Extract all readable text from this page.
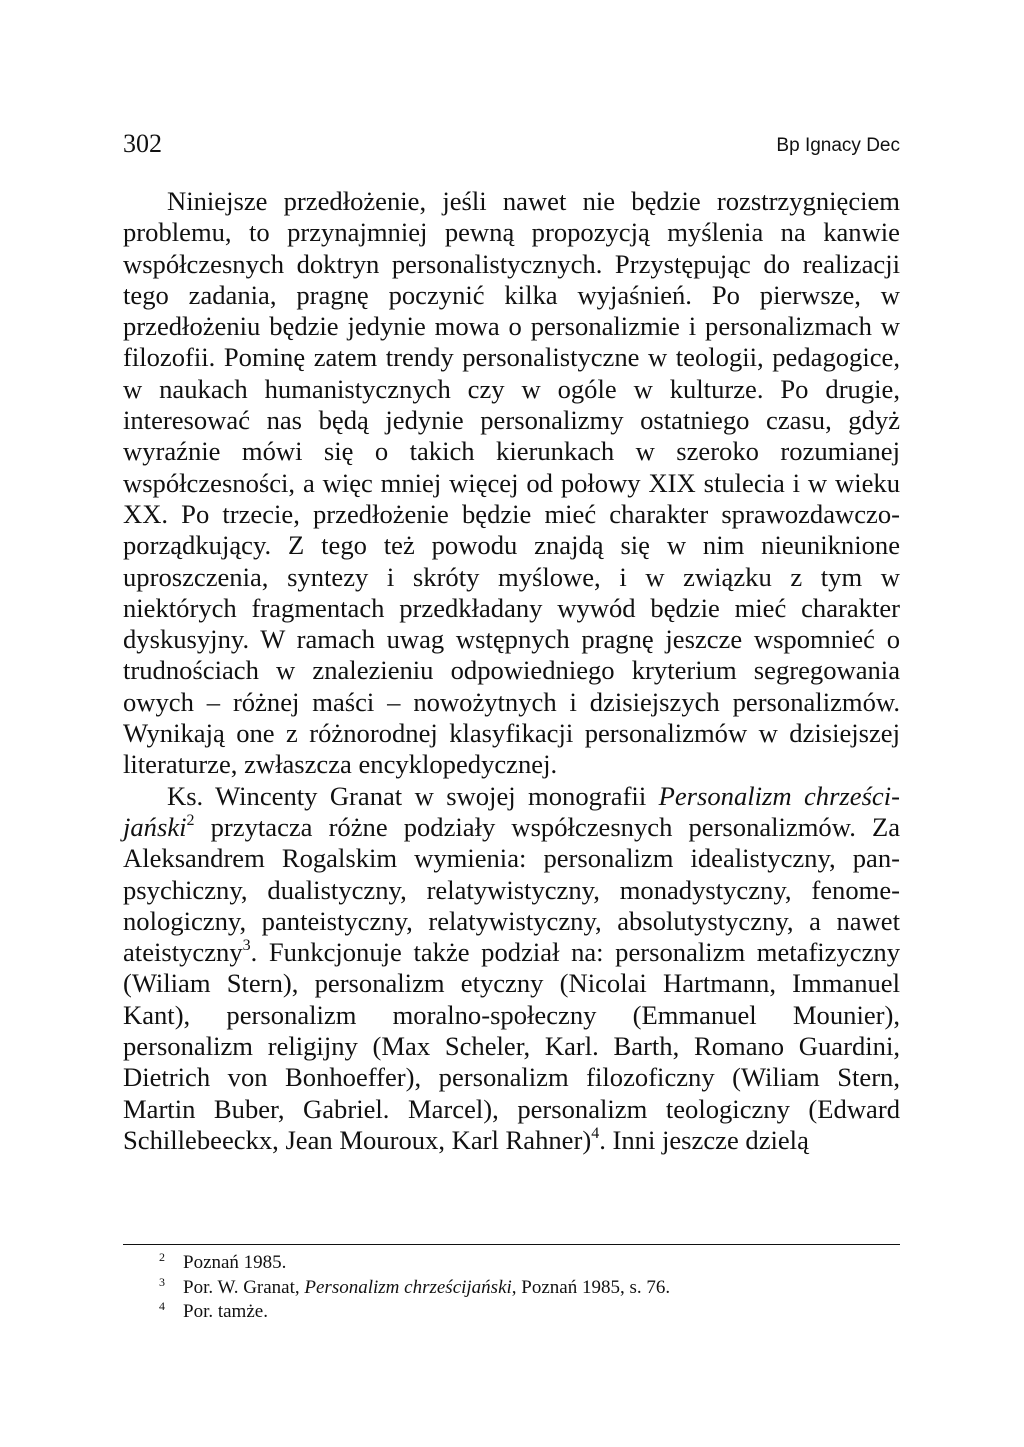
302	Bp Ignacy Dec

Niniejsze przedłożenie, jeśli nawet nie będzie rozstrzygnięciem problemu, to przynajmniej pewną propozycją myślenia na kanwie współczesnych doktryn personalistycznych. Przystępując do realizacji tego zadania, pragnę poczynić kilka wyjaśnień. Po pierwsze, w przedłożeniu będzie jedynie mowa o personalizmie i personalizmach w filozofii. Pominę zatem trendy personalistyczne w teologii, pedagogice, w naukach humanistycznych czy w ogóle w kulturze. Po drugie, interesować nas będą jedynie personalizmy ostatniego czasu, gdyż wyraźnie mówi się o takich kierunkach w szeroko rozumianej współczesności, a więc mniej więcej od połowy XIX stulecia i w wieku XX. Po trzecie, przedłożenie będzie mieć charakter sprawozdawczo-porządkujący. Z tego też powodu znajdą się w nim nieuniknione uproszczenia, syntezy i skróty myślowe, i w związku z tym w niektórych fragmentach przedkładany wywód będzie mieć charakter dyskusyjny. W ramach uwag wstępnych pragnę jeszcze wspomnieć o trudnościach w znalezieniu odpowiedniego kryterium segregowania owych – różnej maści – nowożytnych i dzisiejszych personalizmów. Wynikają one z różnorodnej klasyfikacji personalizmów w dzisiejszej literaturze, zwłaszcza encyklopedycznej.

Ks. Wincenty Granat w swojej monografii Personalizm chrześcijański$^2$ przytacza różne podziały współczesnych personalizmów. Za Aleksandrem Rogalskim wymienia: personalizm idealistyczny, panpsychiczny, dualistyczny, relatywistyczny, monadystyczny, fenomenologiczny, panteistyczny, relatywistyczny, absolutystyczny, a nawet ateistyczny$^3$. Funkcjonuje także podział na: personalizm metafizyczny (Wiliam Stern), personalizm etyczny (Nicolai Hartmann, Immanuel Kant), personalizm moralno-społeczny (Emmanuel Mounier), personalizm religijny (Max Scheler, Karl. Barth, Romano Guardini, Dietrich von Bonhoeffer), personalizm filozoficzny (Wiliam Stern, Martin Buber, Gabriel. Marcel), personalizm teologiczny (Edward Schillebeeckx, Jean Mouroux, Karl Rahner)$^4$. Inni jeszcze dzielą

2 Poznań 1985.
3 Por. W. Granat, Personalizm chrześcijański, Poznań 1985, s. 76.
4 Por. tamże.
